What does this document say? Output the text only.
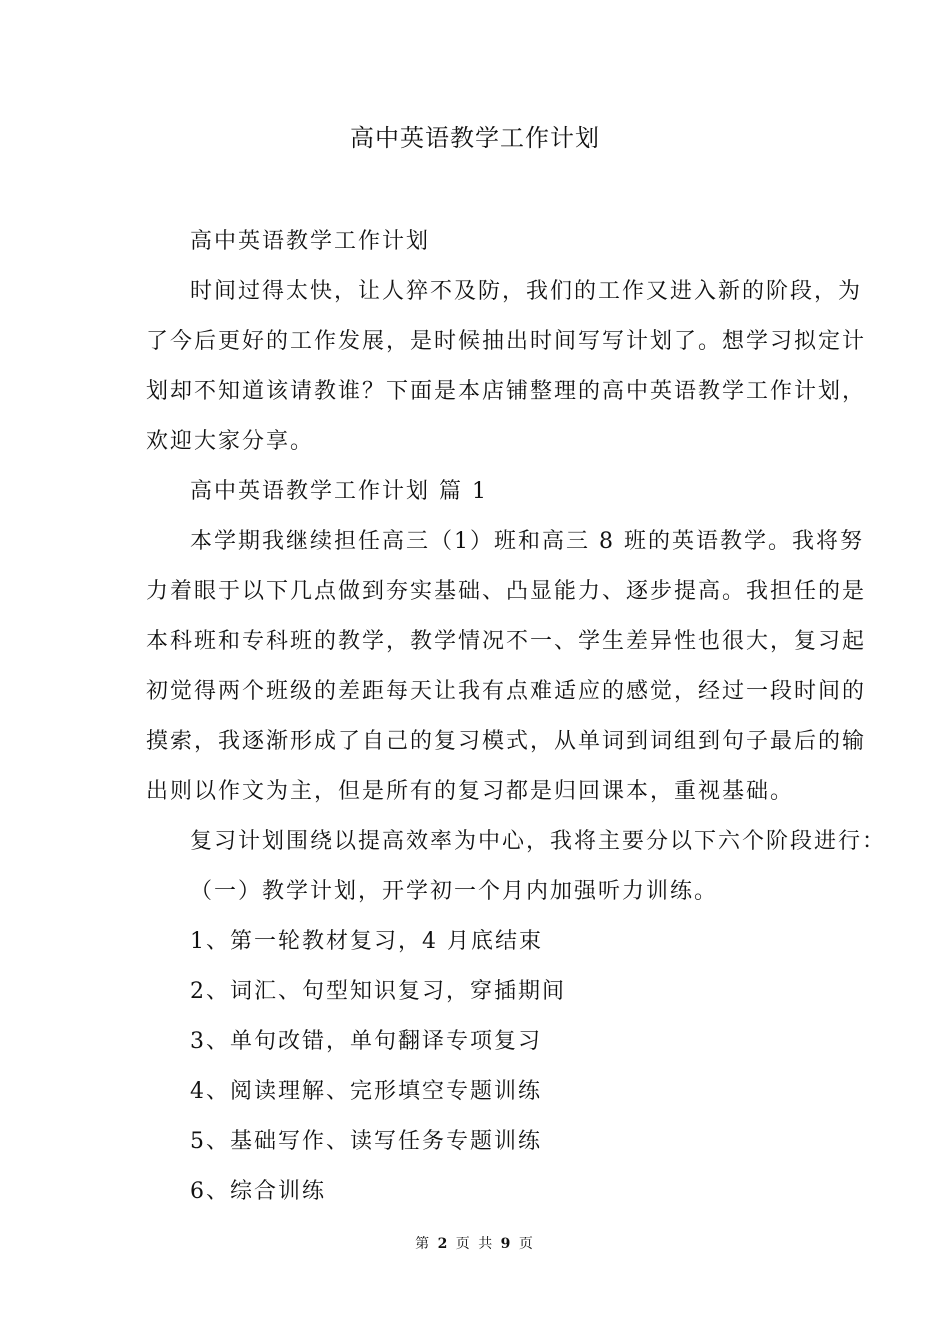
高中英语教学工作计划
高中英语教学工作计划
时间过得太快，让人猝不及防，我们的工作又进入新的阶段，为
了今后更好的工作发展，是时候抽出时间写写计划了。想学习拟定计
划却不知道该请教谁？下面是本店铺整理的高中英语教学工作计划，
欢迎大家分享。
高中英语教学工作计划 篇 1
本学期我继续担任高三（1）班和高三 8 班的英语教学。我将努
力着眼于以下几点做到夯实基础、凸显能力、逐步提高。我担任的是
本科班和专科班的教学，教学情况不一、学生差异性也很大，复习起
初觉得两个班级的差距每天让我有点难适应的感觉，经过一段时间的
摸索，我逐渐形成了自己的复习模式，从单词到词组到句子最后的输
出则以作文为主，但是所有的复习都是归回课本，重视基础。
复习计划围绕以提高效率为中心，我将主要分以下六个阶段进行：
（一）教学计划，开学初一个月内加强听力训练。
1、第一轮教材复习，4 月底结束
2、词汇、句型知识复习，穿插期间
3、单句改错，单句翻译专项复习
4、阅读理解、完形填空专题训练
5、基础写作、读写任务专题训练
6、综合训练
第 2 页 共 9 页
